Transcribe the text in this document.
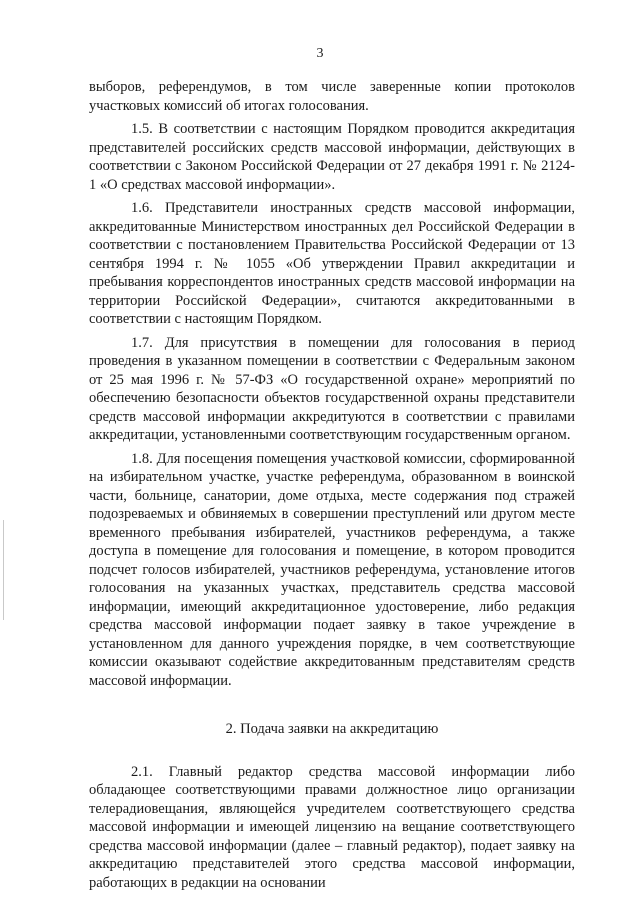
3

выборов, референдумов, в том числе заверенные копии протоколов участковых комиссий об итогах голосования.

1.5. В соответствии с настоящим Порядком проводится аккредитация представителей российских средств массовой информации, действующих в соответствии с Законом Российской Федерации от 27 декабря 1991 г. № 2124-1 «О средствах массовой информации».

1.6. Представители иностранных средств массовой информации, аккредитованные Министерством иностранных дел Российской Федерации в соответствии с постановлением Правительства Российской Федерации от 13 сентября 1994 г. № 1055 «Об утверждении Правил аккредитации и пребывания корреспондентов иностранных средств массовой информации на территории Российской Федерации», считаются аккредитованными в соответствии с настоящим Порядком.

1.7. Для присутствия в помещении для голосования в период проведения в указанном помещении в соответствии с Федеральным законом от 25 мая 1996 г. № 57-ФЗ «О государственной охране» мероприятий по обеспечению безопасности объектов государственной охраны представители средств массовой информации аккредитуются в соответствии с правилами аккредитации, установленными соответствующим государственным органом.

1.8. Для посещения помещения участковой комиссии, сформированной на избирательном участке, участке референдума, образованном в воинской части, больнице, санатории, доме отдыха, месте содержания под стражей подозреваемых и обвиняемых в совершении преступлений или другом месте временного пребывания избирателей, участников референдума, а также доступа в помещение для голосования и помещение, в котором проводится подсчет голосов избирателей, участников референдума, установление итогов голосования на указанных участках, представитель средства массовой информации, имеющий аккредитационное удостоверение, либо редакция средства массовой информации подает заявку в такое учреждение в установленном для данного учреждения порядке, в чем соответствующие комиссии оказывают содействие аккредитованным представителям средств массовой информации.

2. Подача заявки на аккредитацию

2.1. Главный редактор средства массовой информации либо обладающее соответствующими правами должностное лицо организации телерадиовещания, являющейся учредителем соответствующего средства массовой информации и имеющей лицензию на вещание соответствующего средства массовой информации (далее – главный редактор), подает заявку на аккредитацию представителей этого средства массовой информации, работающих в редакции на основании
